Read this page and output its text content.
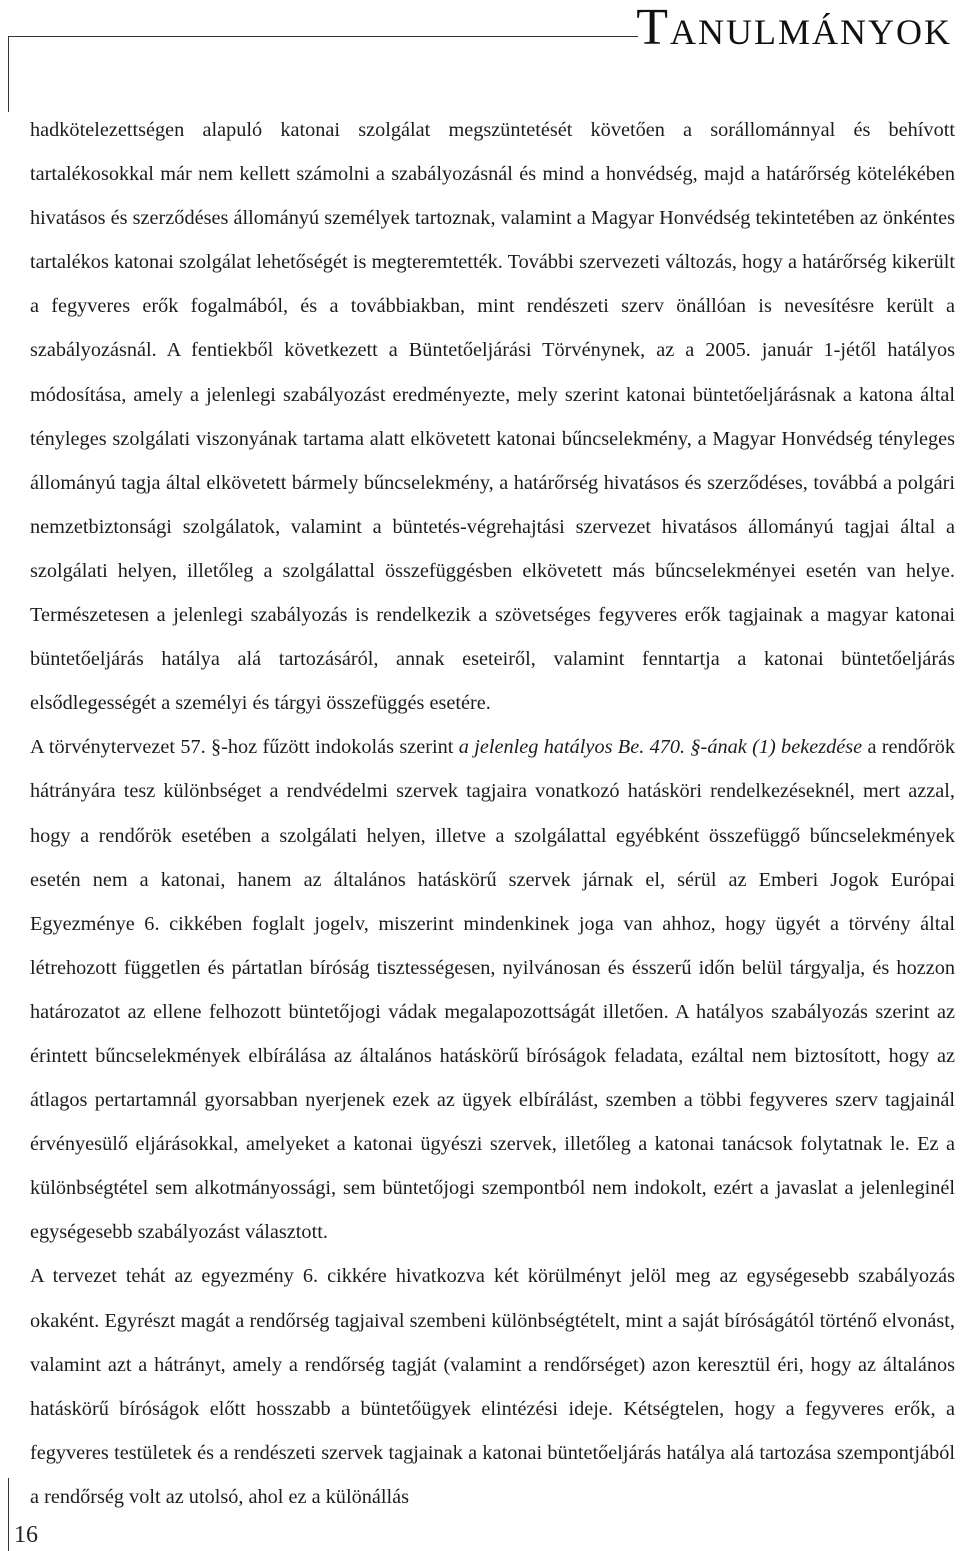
Tanulmányok

hadkötelezettségen alapuló katonai szolgálat megszüntetését követően a sorállománnyal és behívott tartalékosokkal már nem kellett számolni a szabályozásnál és mind a honvédség, majd a határőrség kötelékében hivatásos és szerződéses állományú személyek tartoznak, valamint a Magyar Honvédség tekintetében az önkéntes tartalékos katonai szolgálat lehetőségét is megteremtették. További szervezeti változás, hogy a határőrség kikerült a fegyveres erők fogalmából, és a továbbiakban, mint rendészeti szerv önállóan is nevesítésre került a szabályozásnál. A fentiekből következett a Büntetőeljárási Törvénynek, az a 2005. január 1-jétől hatályos módosítása, amely a jelenlegi szabályozást eredményezte, mely szerint katonai büntetőeljárásnak a katona által tényleges szolgálati viszonyának tartama alatt elkövetett katonai bűncselekmény, a Magyar Honvédség tényleges állományú tagja által elkövetett bármely bűncselekmény, a határőrség hivatásos és szerződéses, továbbá a polgári nemzetbiztonsági szolgálatok, valamint a büntetés-végrehajtási szervezet hivatásos állományú tagjai által a szolgálati helyen, illetőleg a szolgálattal összefüggésben elkövetett más bűncselekményei esetén van helye. Természetesen a jelenlegi szabályozás is rendelkezik a szövetséges fegyveres erők tagjainak a magyar katonai büntetőeljárás hatálya alá tartozásáról, annak eseteiről, valamint fenntartja a katonai büntetőeljárás elsődlegességét a személyi és tárgyi összefüggés esetére.

A törvénytervezet 57. §-hoz fűzött indokolás szerint a jelenleg hatályos Be. 470. §-ának (1) bekezdése a rendőrök hátrányára tesz különbséget a rendvédelmi szervek tagjaira vonatkozó hatásköri rendelkezéseknél, mert azzal, hogy a rendőrök esetében a szolgálati helyen, illetve a szolgálattal egyébként összefüggő bűncselekmények esetén nem a katonai, hanem az általános hatáskörű szervek járnak el, sérül az Emberi Jogok Európai Egyezménye 6. cikkében foglalt jogelv, miszerint mindenkinek joga van ahhoz, hogy ügyét a törvény által létrehozott független és pártatlan bíróság tisztességesen, nyilvánosan és ésszerű időn belül tárgyalja, és hozzon határozatot az ellene felhozott büntetőjogi vádak megalapozottságát illetően. A hatályos szabályozás szerint az érintett bűncselekmények elbírálása az általános hatáskörű bíróságok feladata, ezáltal nem biztosított, hogy az átlagos pertartamnál gyorsabban nyerjenek ezek az ügyek elbírálást, szemben a többi fegyveres szerv tagjainál érvényesülő eljárásokkal, amelyeket a katonai ügyészi szervek, illetőleg a katonai tanácsok folytatnak le. Ez a különbségtétel sem alkotmányossági, sem büntetőjogi szempontból nem indokolt, ezért a javaslat a jelenleginél egységesebb szabályozást választott.

A tervezet tehát az egyezmény 6. cikkére hivatkozva két körülményt jelöl meg az egységesebb szabályozás okaként. Egyrészt magát a rendőrség tagjaival szembeni különbségtételt, mint a saját bíróságától történő elvonást, valamint azt a hátrányt, amely a rendőrség tagját (valamint a rendőrséget) azon keresztül éri, hogy az általános hatáskörű bíróságok előtt hosszabb a büntetőügyek elintézési ideje. Kétségtelen, hogy a fegyveres erők, a fegyveres testületek és a rendészeti szervek tagjainak a katonai büntetőeljárás hatálya alá tartozása szempontjából a rendőrség volt az utolsó, ahol ez a különállás

16
